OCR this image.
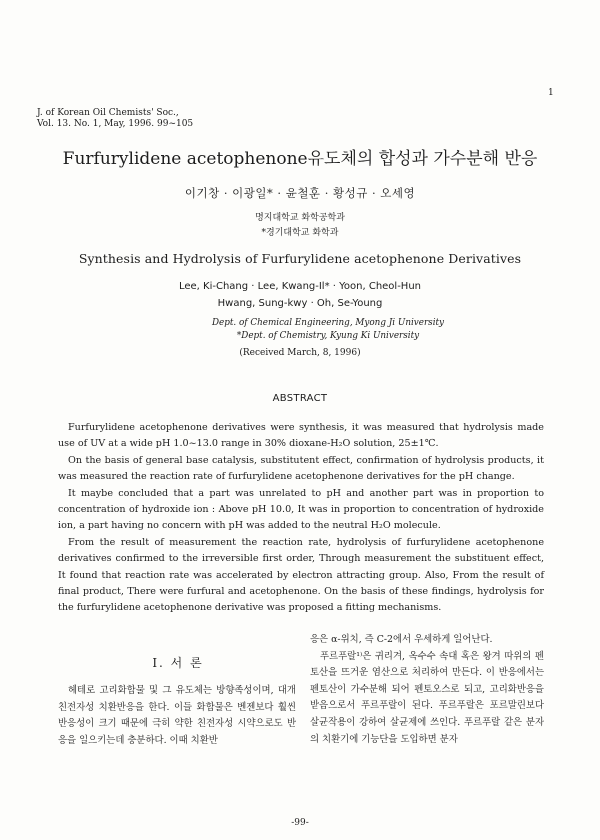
J. of Korean Oil Chemists' Soc.,
Vol. 13. No. 1, May, 1996. 99~105
1
Furfurylidene acetophenone유도체의 합성과 가수분해 반응
이기창 · 이광일* · 윤철훈 · 황성규 · 오세영
명지대학교 화학공학과
*경기대학교 화학과
Synthesis and Hydrolysis of Furfurylidene acetophenone Derivatives
Lee, Ki-Chang · Lee, Kwang-Il* · Yoon, Cheol-Hun
Hwang, Sung-kwy · Oh, Se-Young
Dept. of Chemical Engineering, Myong Ji University
*Dept. of Chemistry, Kyung Ki University
(Received March, 8, 1996)
ABSTRACT

Furfurylidene acetophenone derivatives were synthesis, it was measured that hydrolysis made use of UV at a wide pH 1.0~13.0 range in 30% dioxane-H₂O solution, 25±1℃.

On the basis of general base catalysis, substitutent effect, confirmation of hydrolysis products, it was measured the reaction rate of furfurylidene acetophenone derivatives for the pH change.

It maybe concluded that a part was unrelated to pH and another part was in proportion to concentration of hydroxide ion : Above pH 10.0, It was in proportion to concentration of hydroxide ion, a part having no concern with pH was added to the neutral H₂O molecule.

From the result of measurement the reaction rate, hydrolysis of furfurylidene acetophenone derivatives confirmed to the irreversible first order, Through measurement the substituent effect, It found that reaction rate was accelerated by electron attracting group. Also, From the result of final product, There were furfural and acetophenone. On the basis of these findings, hydrolysis for the furfurylidene acetophenone derivative was proposed a fitting mechanisms.

I. 서 론

헤테로 고리화합물 및 그 유도체는 방향족성이며, 대개 친전자성 치환반응을 한다. 이들 화합물은 벤젠보다 훨씬 반응성이 크기 때문에 극히 약한 친전자성 시약으로도 반응을 일으키는데 충분하다. 이때 치환반

응은 α-위치, 즉 C-2에서 우세하게 일어난다.

푸르푸랄¹⁾은 귀리겨, 옥수수 속대 혹은 왕겨 따위의 펜토산을 뜨거운 염산으로 처리하여 만든다. 이 반응에서는 펜토산이 가수분해 되어 펜토오스로 되고, 고리화반응을 받음으로서 푸르푸랄이 된다. 푸르푸랄은 포르말린보다 살균작용이 강하여 살균제에 쓰인다. 푸르푸랄 같은 분자의 치환기에 기능단을 도입하면 분자

-99-
